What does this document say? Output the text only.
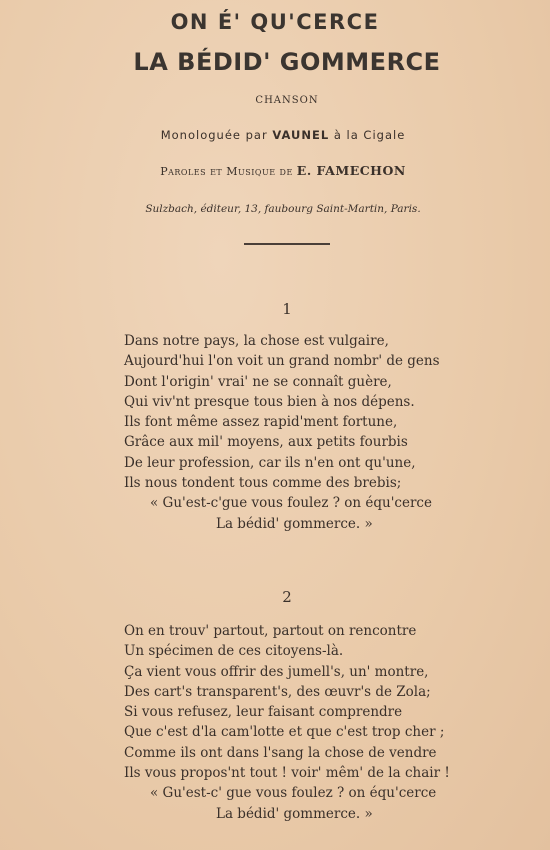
ON É' QU'CERCE
LA BÉDID' GOMMERCE
CHANSON
Monologuée par VAUNEL à la Cigale
Paroles et Musique de E. FAMECHON
Sulzbach, éditeur, 13, faubourg Saint-Martin, Paris.
1
Dans notre pays, la chose est vulgaire,
Aujourd'hui l'on voit un grand nombr' de gens
Dont l'origin' vrai' ne se connaît guère,
Qui viv'nt presque tous bien à nos dépens.
Ils font même assez rapid'ment fortune,
Grâce aux mil' moyens, aux petits fourbis
De leur profession, car ils n'en ont qu'une,
Ils nous tondent tous comme des brebis;
« Gu'est-c'gue vous foulez ? on équ'cerce
La bédid' gommerce. »
2
On en trouv' partout, partout on rencontre
Un spécimen de ces citoyens-là.
Ça vient vous offrir des jumell's, un' montre,
Des cart's transparent's, des œuvr's de Zola;
Si vous refusez, leur faisant comprendre
Que c'est d'la cam'lotte et que c'est trop cher ;
Comme ils ont dans l'sang la chose de vendre
Ils vous propos'nt tout ! voir' mêm' de la chair !
« Gu'est-c' gue vous foulez ? on équ'cerce
La bédid' gommerce. »
